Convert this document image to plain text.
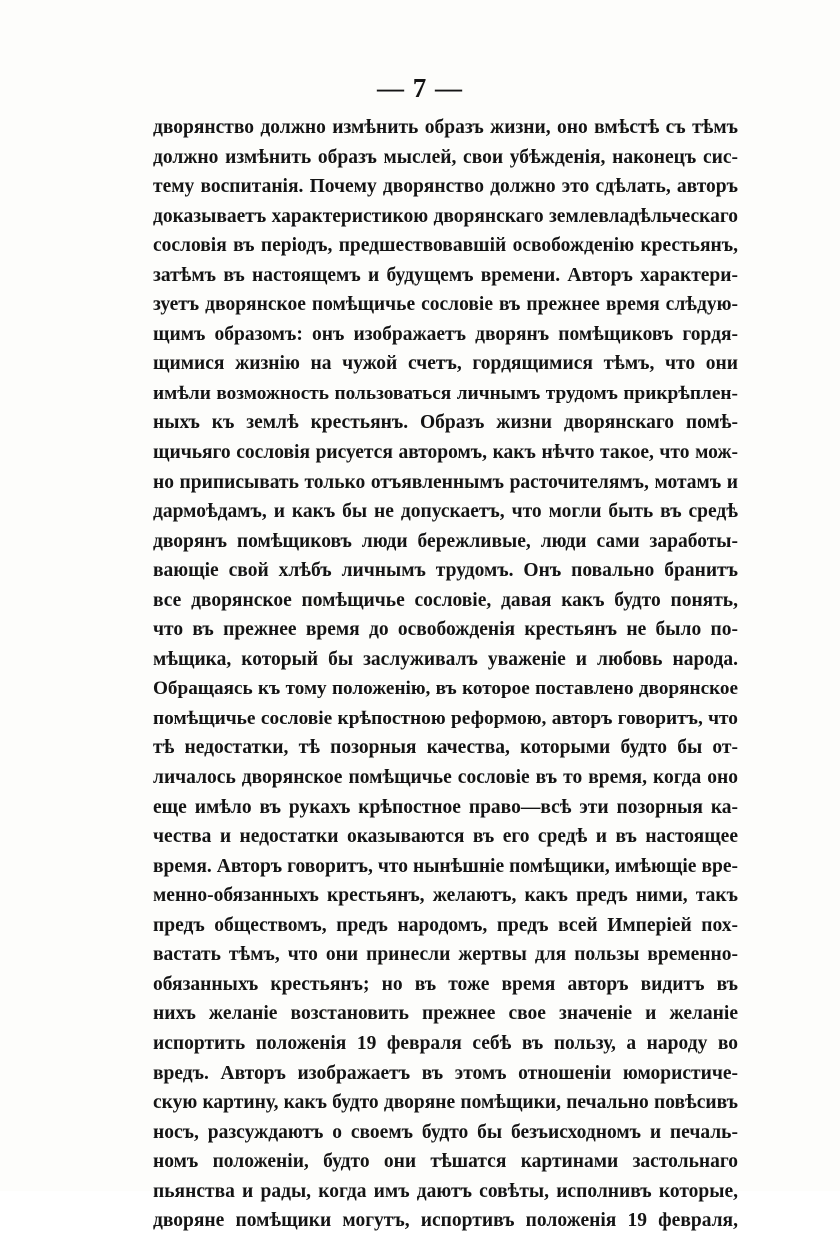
— 7 —
дворянство должно измѣнить образъ жизни, оно вмѣстѣ съ тѣмъ
должно измѣнить образъ мыслей, свои убѣжденія, наконецъ сис-
тему воспитанія. Почему дворянство должно это сдѣлать, авторъ
доказываетъ характеристикою дворянскаго землевладѣльческаго
сословія въ періодъ, предшествовавшій освобожденію крестьянъ,
затѣмъ въ настоящемъ и будущемъ времени. Авторъ характери-
зуетъ дворянское помѣщичье сословіе въ прежнее время слѣдую-
щимъ образомъ: онъ изображаетъ дворянъ помѣщиковъ гордя-
щимися жизнію на чужой счетъ, гордящимися тѣмъ, что они
имѣли возможность пользоваться личнымъ трудомъ прикрѣплен-
ныхъ къ землѣ крестьянъ. Образъ жизни дворянскаго помѣ-
щичьяго сословія рисуется авторомъ, какъ нѣчто такое, что мож-
но приписывать только отъявленнымъ расточителямъ, мотамъ и
дармоѣдамъ, и какъ бы не допускаетъ, что могли быть въ средѣ
дворянъ помѣщиковъ люди бережливые, люди сами заработы-
вающіе свой хлѣбъ личнымъ трудомъ. Онъ повально бранитъ
все дворянское помѣщичье сословіе, давая какъ будто понять,
что въ прежнее время до освобожденія крестьянъ не было по-
мѣщика, который бы заслуживалъ уваженіе и любовь народа.
Обращаясь къ тому положенію, въ которое поставлено дворянское
помѣщичье сословіе крѣпостною реформою, авторъ говоритъ, что
тѣ недостатки, тѣ позорныя качества, которыми будто бы от-
личалось дворянское помѣщичье сословіе въ то время, когда оно
еще имѣло въ рукахъ крѣпостное право—всѣ эти позорныя ка-
чества и недостатки оказываются въ его средѣ и въ настоящее
время. Авторъ говоритъ, что нынѣшніе помѣщики, имѣющіе вре-
менно-обязанныхъ крестьянъ, желаютъ, какъ предъ ними, такъ
предъ обществомъ, предъ народомъ, предъ всей Имперіей пох-
вастать тѣмъ, что они принесли жертвы для пользы временно-
обязанныхъ крестьянъ; но въ тоже время авторъ видитъ въ
нихъ желаніе возстановить прежнее свое значеніе и желаніе
испортить положенія 19 февраля себѣ въ пользу, а народу во
вредъ. Авторъ изображаетъ въ этомъ отношеніи юмористиче-
скую картину, какъ будто дворяне помѣщики, печально повѣсивъ
носъ, разсуждаютъ о своемъ будто бы безъисходномъ и печаль-
номъ положеніи, будто они тѣшатся картинами застольнаго
пьянства и рады, когда имъ даютъ совѣты, исполнивъ которые,
дворяне помѣщики могутъ, испортивъ положенія 19 февраля,
